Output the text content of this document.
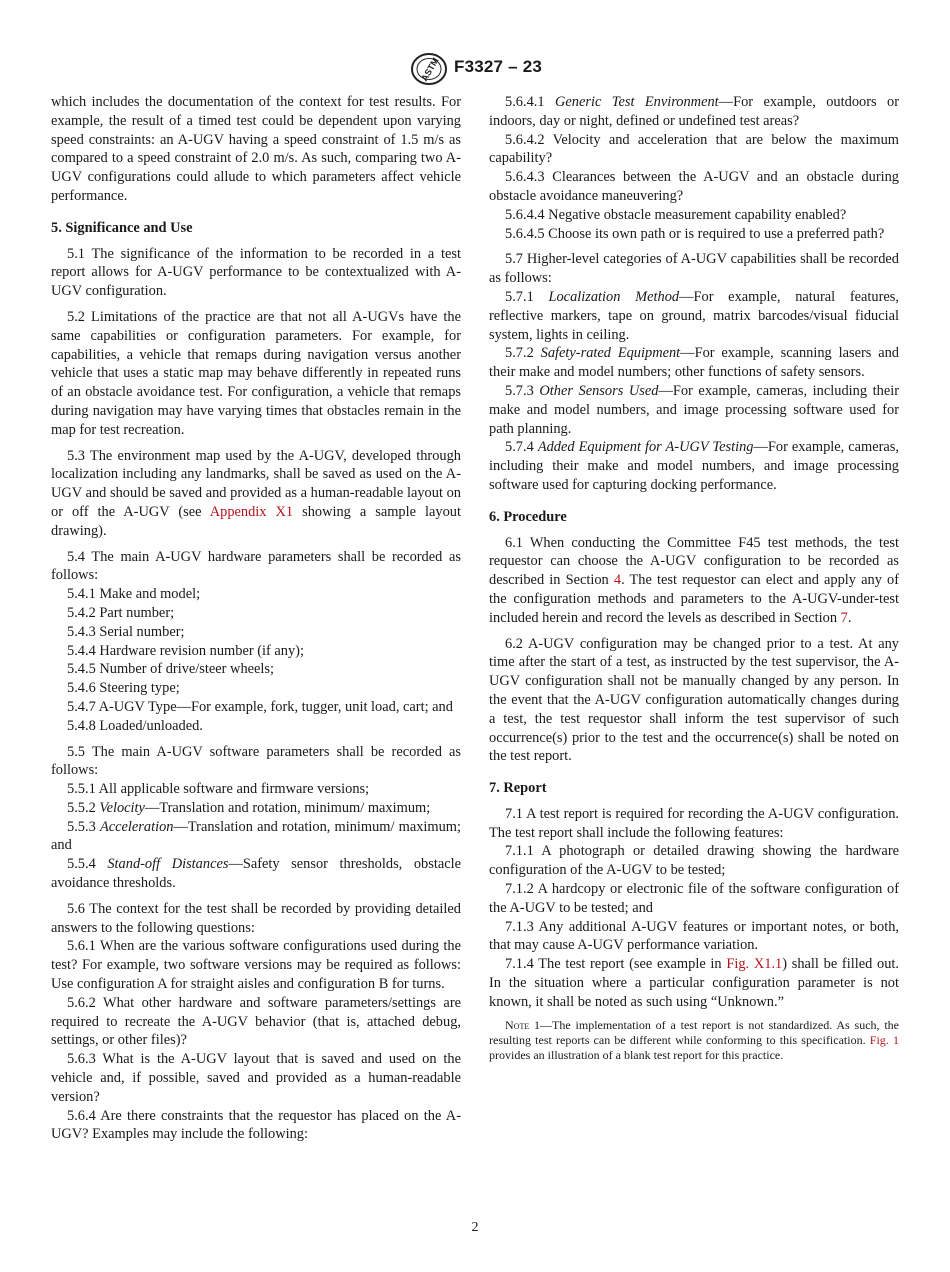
ASTM F3327 – 23

which includes the documentation of the context for test results. For example, the result of a timed test could be dependent upon varying speed constraints: an A-UGV having a speed constraint of 1.5 m/s as compared to a speed constraint of 2.0 m/s. As such, comparing two A-UGV configurations could allude to which parameters affect vehicle performance.

5. Significance and Use

5.1 The significance of the information to be recorded in a test report allows for A-UGV performance to be contextualized with A-UGV configuration.

5.2 Limitations of the practice are that not all A-UGVs have the same capabilities or configuration parameters. For example, for capabilities, a vehicle that remaps during navigation versus another vehicle that uses a static map may behave differently in repeated runs of an obstacle avoidance test. For configuration, a vehicle that remaps during navigation may have varying times that obstacles remain in the map for test recreation.

5.3 The environment map used by the A-UGV, developed through localization including any landmarks, shall be saved as used on the A-UGV and should be saved and provided as a human-readable layout on or off the A-UGV (see Appendix X1 showing a sample layout drawing).

5.4 The main A-UGV hardware parameters shall be recorded as follows:

5.4.1 Make and model;

5.4.2 Part number;

5.4.3 Serial number;

5.4.4 Hardware revision number (if any);

5.4.5 Number of drive/steer wheels;

5.4.6 Steering type;

5.4.7 A-UGV Type—For example, fork, tugger, unit load, cart; and

5.4.8 Loaded/unloaded.

5.5 The main A-UGV software parameters shall be recorded as follows:

5.5.1 All applicable software and firmware versions;

5.5.2 Velocity—Translation and rotation, minimum/ maximum;

5.5.3 Acceleration—Translation and rotation, minimum/ maximum; and

5.5.4 Stand-off Distances—Safety sensor thresholds, obstacle avoidance thresholds.

5.6 The context for the test shall be recorded by providing detailed answers to the following questions:

5.6.1 When are the various software configurations used during the test? For example, two software versions may be required as follows: Use configuration A for straight aisles and configuration B for turns.

5.6.2 What other hardware and software parameters/settings are required to recreate the A-UGV behavior (that is, attached debug, settings, or other files)?

5.6.3 What is the A-UGV layout that is saved and used on the vehicle and, if possible, saved and provided as a human-readable version?

5.6.4 Are there constraints that the requestor has placed on the A-UGV? Examples may include the following:

5.6.4.1 Generic Test Environment—For example, outdoors or indoors, day or night, defined or undefined test areas?

5.6.4.2 Velocity and acceleration that are below the maximum capability?

5.6.4.3 Clearances between the A-UGV and an obstacle during obstacle avoidance maneuvering?

5.6.4.4 Negative obstacle measurement capability enabled?

5.6.4.5 Choose its own path or is required to use a preferred path?

5.7 Higher-level categories of A-UGV capabilities shall be recorded as follows:

5.7.1 Localization Method—For example, natural features, reflective markers, tape on ground, matrix barcodes/visual fiducial system, lights in ceiling.

5.7.2 Safety-rated Equipment—For example, scanning lasers and their make and model numbers; other functions of safety sensors.

5.7.3 Other Sensors Used—For example, cameras, including their make and model numbers, and image processing software used for path planning.

5.7.4 Added Equipment for A-UGV Testing—For example, cameras, including their make and model numbers, and image processing software used for capturing docking performance.

6. Procedure

6.1 When conducting the Committee F45 test methods, the test requestor can choose the A-UGV configuration to be recorded as described in Section 4. The test requestor can elect and apply any of the configuration methods and parameters to the A-UGV-under-test included herein and record the levels as described in Section 7.

6.2 A-UGV configuration may be changed prior to a test. At any time after the start of a test, as instructed by the test supervisor, the A-UGV configuration shall not be manually changed by any person. In the event that the A-UGV configuration automatically changes during a test, the test requestor shall inform the test supervisor of such occurrence(s) prior to the test and the occurrence(s) shall be noted on the test report.

7. Report

7.1 A test report is required for recording the A-UGV configuration. The test report shall include the following features:

7.1.1 A photograph or detailed drawing showing the hardware configuration of the A-UGV to be tested;

7.1.2 A hardcopy or electronic file of the software configuration of the A-UGV to be tested; and

7.1.3 Any additional A-UGV features or important notes, or both, that may cause A-UGV performance variation.

7.1.4 The test report (see example in Fig. X1.1) shall be filled out. In the situation where a particular configuration parameter is not known, it shall be noted as such using “Unknown.”

Note 1—The implementation of a test report is not standardized. As such, the resulting test reports can be different while conforming to this specification. Fig. 1 provides an illustration of a blank test report for this practice.

2
